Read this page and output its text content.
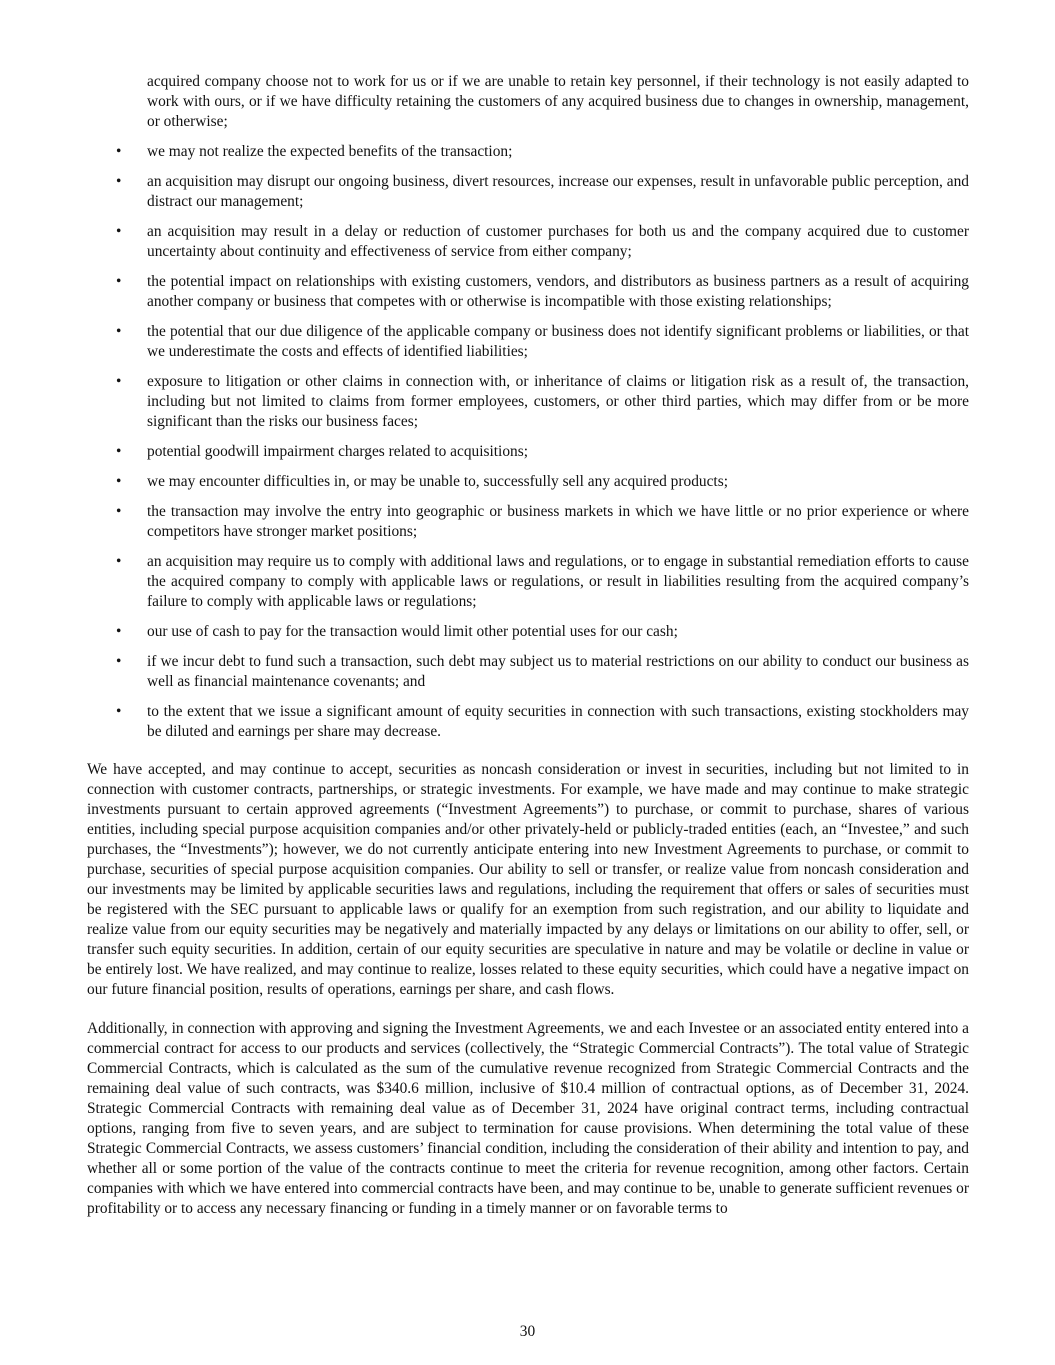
acquired company choose not to work for us or if we are unable to retain key personnel, if their technology is not easily adapted to work with ours, or if we have difficulty retaining the customers of any acquired business due to changes in ownership, management, or otherwise;

• we may not realize the expected benefits of the transaction;
• an acquisition may disrupt our ongoing business, divert resources, increase our expenses, result in unfavorable public perception, and distract our management;
• an acquisition may result in a delay or reduction of customer purchases for both us and the company acquired due to customer uncertainty about continuity and effectiveness of service from either company;
• the potential impact on relationships with existing customers, vendors, and distributors as business partners as a result of acquiring another company or business that competes with or otherwise is incompatible with those existing relationships;
• the potential that our due diligence of the applicable company or business does not identify significant problems or liabilities, or that we underestimate the costs and effects of identified liabilities;
• exposure to litigation or other claims in connection with, or inheritance of claims or litigation risk as a result of, the transaction, including but not limited to claims from former employees, customers, or other third parties, which may differ from or be more significant than the risks our business faces;
• potential goodwill impairment charges related to acquisitions;
• we may encounter difficulties in, or may be unable to, successfully sell any acquired products;
• the transaction may involve the entry into geographic or business markets in which we have little or no prior experience or where competitors have stronger market positions;
• an acquisition may require us to comply with additional laws and regulations, or to engage in substantial remediation efforts to cause the acquired company to comply with applicable laws or regulations, or result in liabilities resulting from the acquired company’s failure to comply with applicable laws or regulations;
• our use of cash to pay for the transaction would limit other potential uses for our cash;
• if we incur debt to fund such a transaction, such debt may subject us to material restrictions on our ability to conduct our business as well as financial maintenance covenants; and
• to the extent that we issue a significant amount of equity securities in connection with such transactions, existing stockholders may be diluted and earnings per share may decrease.

We have accepted, and may continue to accept, securities as noncash consideration or invest in securities, including but not limited to in connection with customer contracts, partnerships, or strategic investments. For example, we have made and may continue to make strategic investments pursuant to certain approved agreements (“Investment Agreements”) to purchase, or commit to purchase, shares of various entities, including special purpose acquisition companies and/or other privately-held or publicly-traded entities (each, an “Investee,” and such purchases, the “Investments”); however, we do not currently anticipate entering into new Investment Agreements to purchase, or commit to purchase, securities of special purpose acquisition companies. Our ability to sell or transfer, or realize value from noncash consideration and our investments may be limited by applicable securities laws and regulations, including the requirement that offers or sales of securities must be registered with the SEC pursuant to applicable laws or qualify for an exemption from such registration, and our ability to liquidate and realize value from our equity securities may be negatively and materially impacted by any delays or limitations on our ability to offer, sell, or transfer such equity securities. In addition, certain of our equity securities are speculative in nature and may be volatile or decline in value or be entirely lost. We have realized, and may continue to realize, losses related to these equity securities, which could have a negative impact on our future financial position, results of operations, earnings per share, and cash flows.

Additionally, in connection with approving and signing the Investment Agreements, we and each Investee or an associated entity entered into a commercial contract for access to our products and services (collectively, the “Strategic Commercial Contracts”). The total value of Strategic Commercial Contracts, which is calculated as the sum of the cumulative revenue recognized from Strategic Commercial Contracts and the remaining deal value of such contracts, was $340.6 million, inclusive of $10.4 million of contractual options, as of December 31, 2024. Strategic Commercial Contracts with remaining deal value as of December 31, 2024 have original contract terms, including contractual options, ranging from five to seven years, and are subject to termination for cause provisions. When determining the total value of these Strategic Commercial Contracts, we assess customers’ financial condition, including the consideration of their ability and intention to pay, and whether all or some portion of the value of the contracts continue to meet the criteria for revenue recognition, among other factors. Certain companies with which we have entered into commercial contracts have been, and may continue to be, unable to generate sufficient revenues or profitability or to access any necessary financing or funding in a timely manner or on favorable terms to

30
